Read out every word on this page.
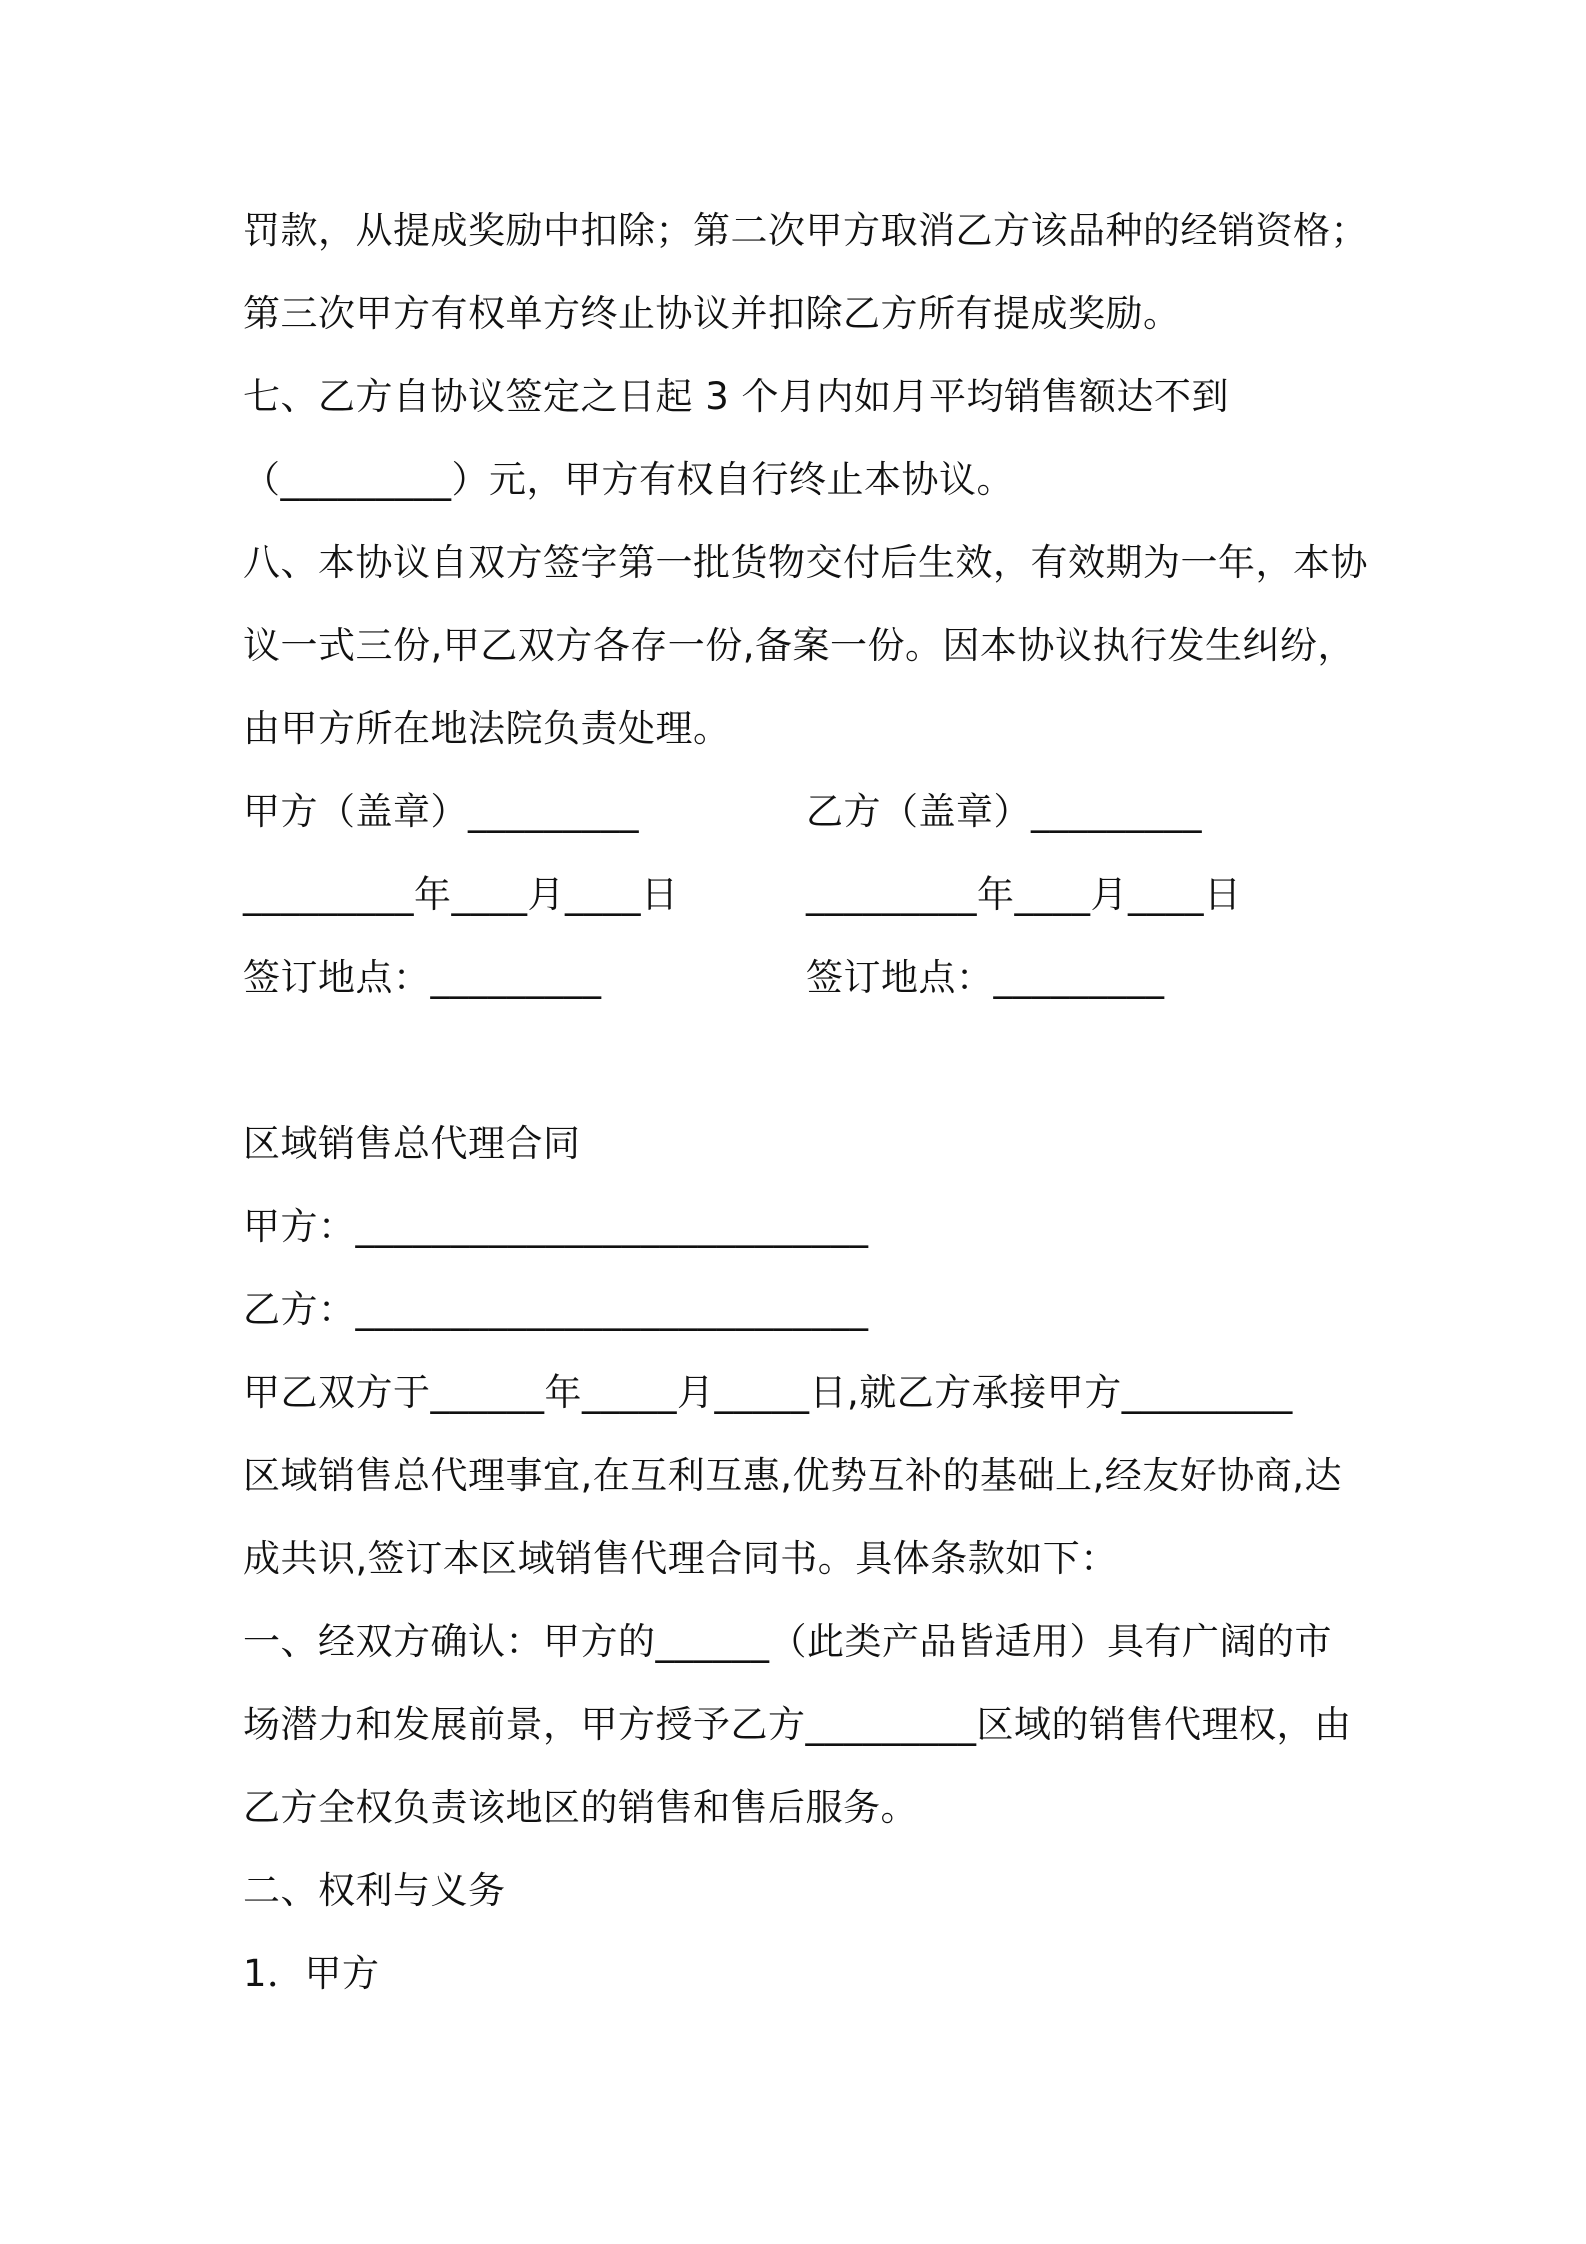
罚款，从提成奖励中扣除；第二次甲方取消乙方该品种的经销资格；
第三次甲方有权单方终止协议并扣除乙方所有提成奖励。
七、乙方自协议签定之日起 3 个月内如月平均销售额达不到
（_________）元，甲方有权自行终止本协议。
八、本协议自双方签字第一批货物交付后生效，有效期为一年，本协
议一式三份,甲乙双方各存一份,备案一份。因本协议执行发生纠纷，
由甲方所在地法院负责处理。
甲方（盖章）_________	乙方（盖章）_________
_________年____月____日	_________年____月____日
签订地点：_________	签订地点：_________
区域销售总代理合同
甲方：___________________________
乙方：___________________________
甲乙双方于______年_____月_____日,就乙方承接甲方_________
区域销售总代理事宜,在互利互惠,优势互补的基础上,经友好协商,达
成共识,签订本区域销售代理合同书。具体条款如下：
一、经双方确认：甲方的______（此类产品皆适用）具有广阔的市
场潜力和发展前景，甲方授予乙方_________区域的销售代理权，由
乙方全权负责该地区的销售和售后服务。
二、权利与义务
1．甲方
